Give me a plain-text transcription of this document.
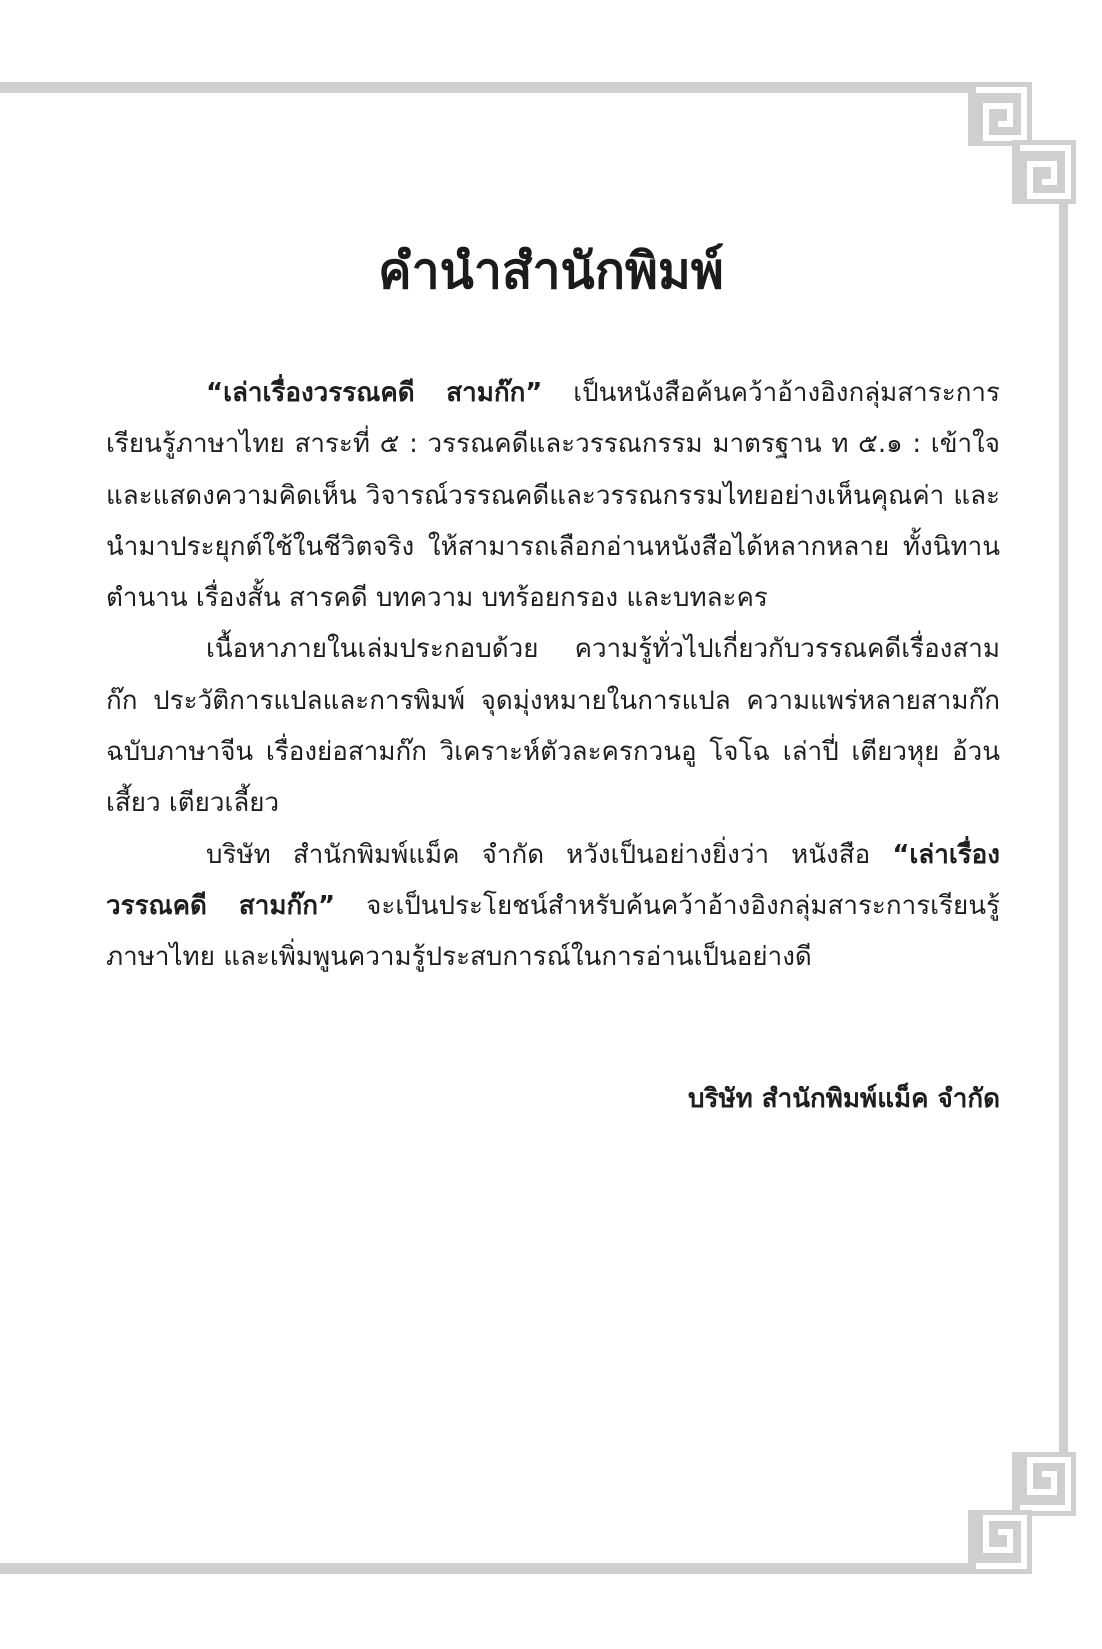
คำนำสำนักพิมพ์

“เล่าเรื่องวรรณคดี สามก๊ก” เป็นหนังสือค้นคว้าอ้างอิงกลุ่มสาระการเรียนรู้ภาษาไทย สาระที่ ๕ : วรรณคดีและวรรณกรรม มาตรฐาน ท ๕.๑ : เข้าใจและแสดงความคิดเห็น วิจารณ์วรรณคดีและวรรณกรรมไทยอย่างเห็นคุณค่า และนำมาประยุกต์ใช้ในชีวิตจริง ให้สามารถเลือกอ่านหนังสือได้หลากหลาย ทั้งนิทาน ตำนาน เรื่องสั้น สารคดี บทความ บทร้อยกรอง และบทละคร

เนื้อหาภายในเล่มประกอบด้วย ความรู้ทั่วไปเกี่ยวกับวรรณคดีเรื่องสามก๊ก ประวัติการแปลและการพิมพ์ จุดมุ่งหมายในการแปล ความแพร่หลายสามก๊กฉบับภาษาจีน เรื่องย่อสามก๊ก วิเคราะห์ตัวละครกวนอู โจโฉ เล่าปี่ เตียวหุย อ้วนเสี้ยว เตียวเลี้ยว

บริษัท สำนักพิมพ์แม็ค จำกัด หวังเป็นอย่างยิ่งว่า หนังสือ “เล่าเรื่องวรรณคดี สามก๊ก” จะเป็นประโยชน์สำหรับค้นคว้าอ้างอิงกลุ่มสาระการเรียนรู้ภาษาไทย และเพิ่มพูนความรู้ประสบการณ์ในการอ่านเป็นอย่างดี

บริษัท สำนักพิมพ์แม็ค จำกัด
